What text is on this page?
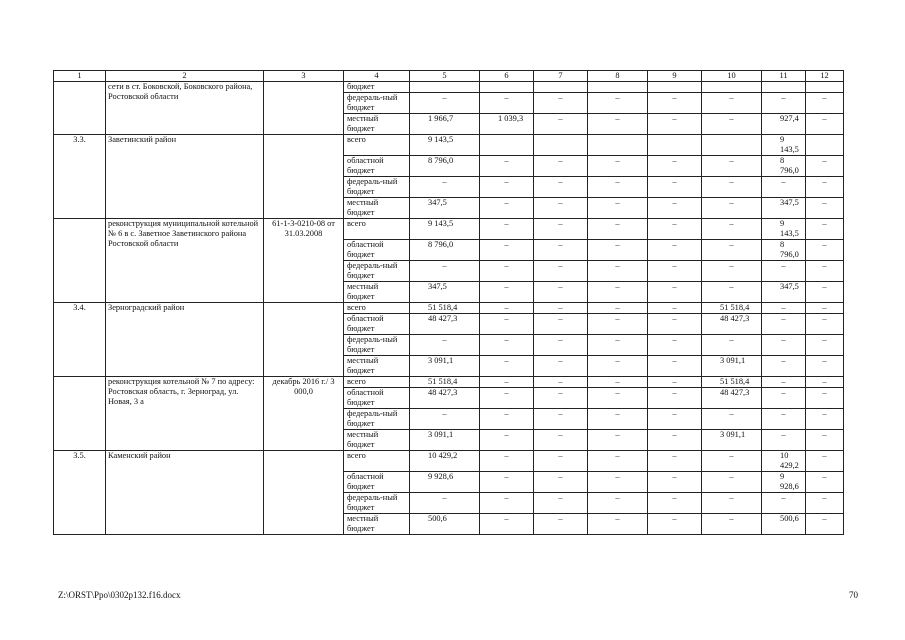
1	2	3	4	5	6	7	8	9	10	11	12
	сети в ст. Боковской, Боковского района, Ростовской области		бюджет								
			федераль-ный бюджет	–	–	–	–	–	–	–	–
			местный бюджет	1 966,7	1 039,3	–	–	–	–	927,4	–
3.3.	Заветинский район		всего	9 143,5						9 143,5	
			областной бюджет	8 796,0	–	–	–	–	–	8 796,0	–
			федераль-ный бюджет	–	–	–	–	–	–	–	–
			местный бюджет	347,5	–	–	–	–	–	347,5	–
	реконструкция муниципальной котельной № 6 в с. Заветное Заветинского района Ростовской области	61-1-3-0210-08 от 31.03.2008	всего	9 143,5	–	–	–	–	–	9 143,5	–
			областной бюджет	8 796,0	–	–	–	–	–	8 796,0	–
			федераль-ный бюджет	–	–	–	–	–	–	–	–
			местный бюджет	347,5	–	–	–	–	–	347,5	–
3.4.	Зерноградский район		всего	51 518,4	–	–	–	–	51 518,4	–	–
			областной бюджет	48 427,3	–	–	–	–	48 427,3	–	–
			федераль-ный бюджет	–	–	–	–	–	–	–	–
			местный бюджет	3 091,1	–	–	–	–	3 091,1	–	–
	реконструкция котельной № 7 по адресу: Ростовская область, г. Зерноград, ул. Новая, 3 а	декабрь 2016 г./ 3 000,0	всего	51 518,4	–	–	–	–	51 518,4	–	–
			областной бюджет	48 427,3	–	–	–	–	48 427,3	–	–
			федераль-ный бюджет	–	–	–	–	–	–	–	–
			местный бюджет	3 091,1	–	–	–	–	3 091,1	–	–
3.5.	Каменский район		всего	10 429,2	–	–	–	–	–	10 429,2	–
			областной бюджет	9 928,6	–	–	–	–	–	9 928,6	–
			федераль-ный бюджет	–	–	–	–	–	–	–	–
			местный бюджет	500,6	–	–	–	–	–	500,6	–
Z:\ORST\Ppo\0302p132.f16.docx	70
